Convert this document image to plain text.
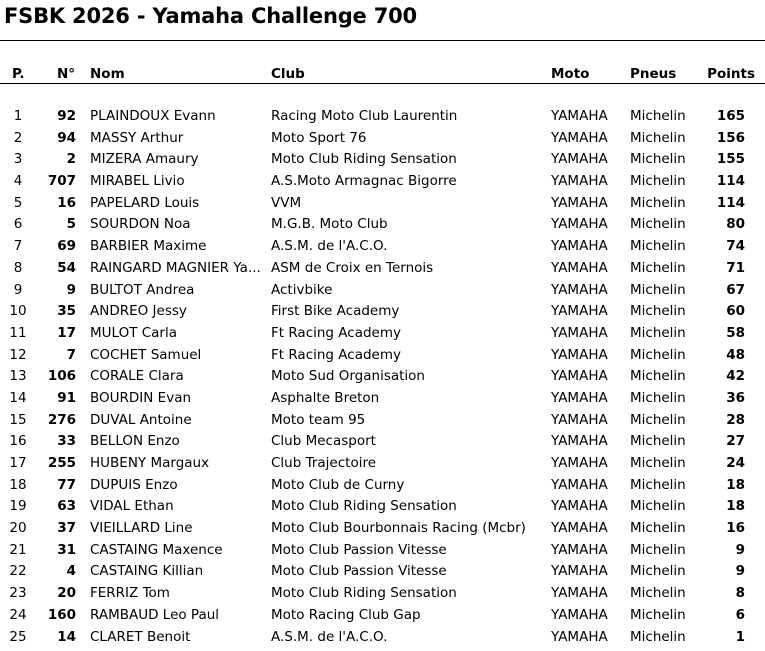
FSBK 2026 - Yamaha Challenge 700
P.	N°	Nom	Club	Moto	Pneus	Points
1	92 PLAINDOUX Evann	Racing Moto Club Laurentin	YAMAHA	Michelin	165
2	94 MASSY Arthur	Moto Sport 76	YAMAHA	Michelin	156
3	2 MIZERA Amaury	Moto Club Riding Sensation	YAMAHA	Michelin	155
4	707 MIRABEL Livio	A.S.Moto Armagnac Bigorre	YAMAHA	Michelin	114
5	16 PAPELARD Louis	VVM	YAMAHA	Michelin	114
6	5 SOURDON Noa	M.G.B. Moto Club	YAMAHA	Michelin	80
7	69 BARBIER Maxime	A.S.M. de l'A.C.O.	YAMAHA	Michelin	74
8	54 RAINGARD MAGNIER Ya... ASM de Croix en Ternois	YAMAHA	Michelin	71
9	9 BULTOT Andrea	Activbike	YAMAHA	Michelin	67
10	35 ANDREO Jessy	First Bike Academy	YAMAHA	Michelin	60
11	17 MULOT Carla	Ft Racing Academy	YAMAHA	Michelin	58
12	7 COCHET Samuel	Ft Racing Academy	YAMAHA	Michelin	48
13	106 CORALE Clara	Moto Sud Organisation	YAMAHA	Michelin	42
14	91 BOURDIN Evan	Asphalte Breton	YAMAHA	Michelin	36
15	276 DUVAL Antoine	Moto team 95	YAMAHA	Michelin	28
16	33 BELLON Enzo	Club Mecasport	YAMAHA	Michelin	27
17	255 HUBENY Margaux	Club Trajectoire	YAMAHA	Michelin	24
18	77 DUPUIS Enzo	Moto Club de Curny	YAMAHA	Michelin	18
19	63 VIDAL Ethan	Moto Club Riding Sensation	YAMAHA	Michelin	18
20	37 VIEILLARD Line	Moto Club Bourbonnais Racing (Mcbr)	YAMAHA	Michelin	16
21	31 CASTAING Maxence	Moto Club Passion Vitesse	YAMAHA	Michelin	9
22	4 CASTAING Killian	Moto Club Passion Vitesse	YAMAHA	Michelin	9
23	20 FERRIZ Tom	Moto Club Riding Sensation	YAMAHA	Michelin	8
24	160 RAMBAUD Leo Paul	Moto Racing Club Gap	YAMAHA	Michelin	6
25	14 CLARET Benoit	A.S.M. de l'A.C.O.	YAMAHA	Michelin	1
